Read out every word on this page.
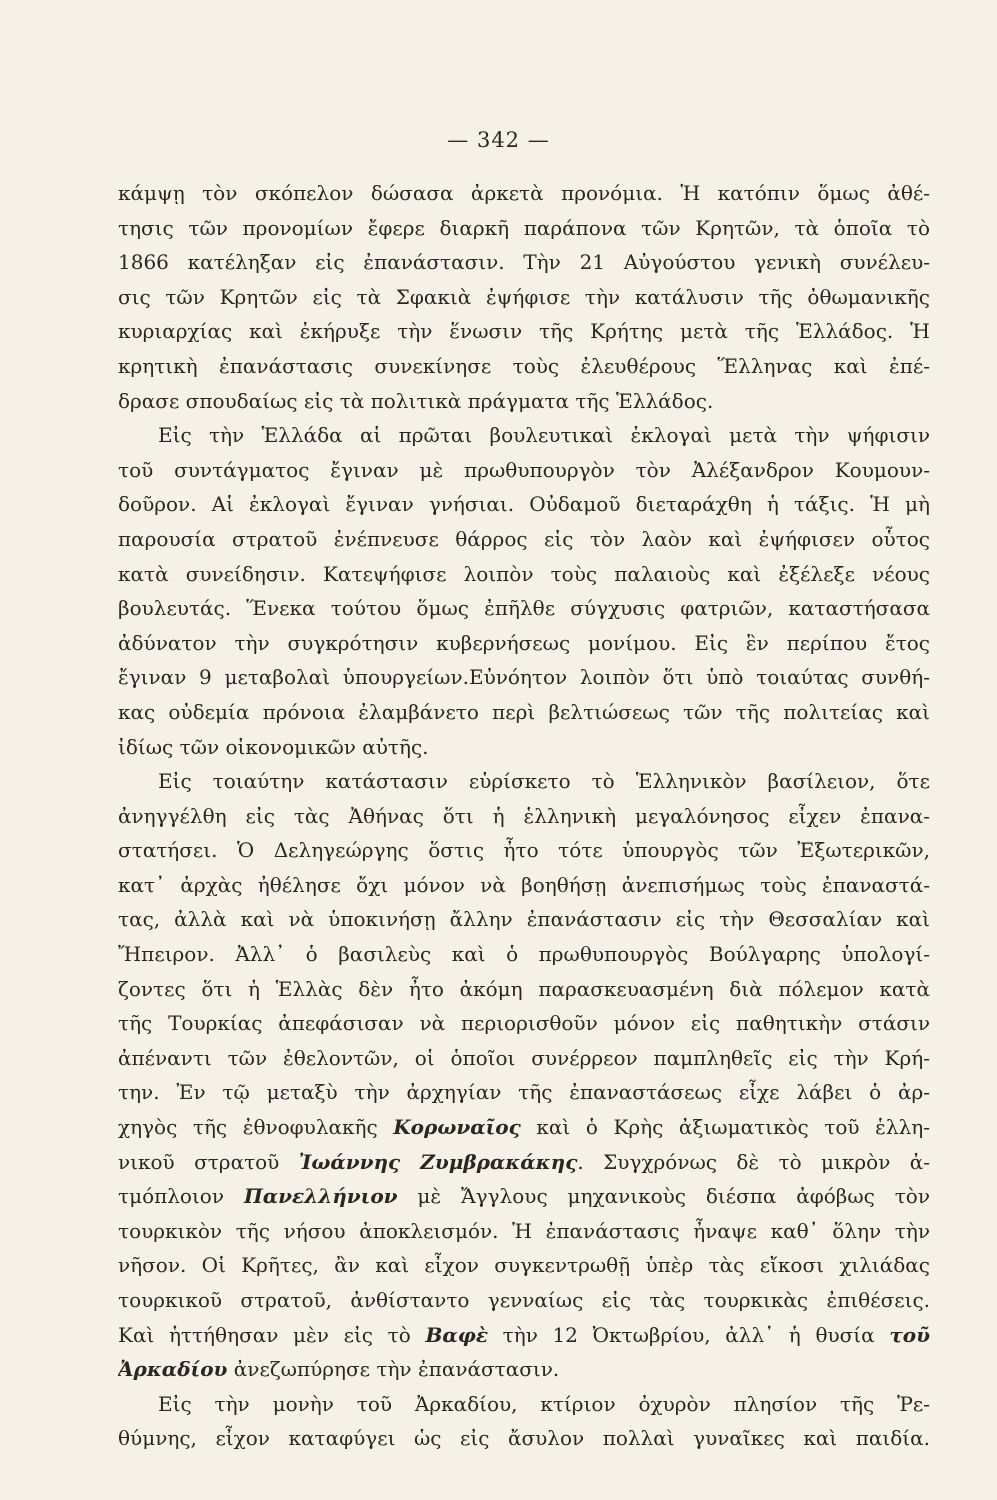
— 342 —
κάμψῃ τὸν σκόπελον δώσασα ἀρκετὰ προνόμια. Ἡ κατόπιν ὅμως ἀθέ-
τησις τῶν προνομίων ἔφερε διαρκῆ παράπονα τῶν Κρητῶν, τὰ ὁποῖα τὸ
1866 κατέληξαν εἰς ἐπανάστασιν. Τὴν 21 Αὐγούστου γενικὴ συνέλευ-
σις τῶν Κρητῶν εἰς τὰ Σφακιὰ ἐψήφισε τὴν κατάλυσιν τῆς ὀθωμανικῆς
κυριαρχίας καὶ ἐκήρυξε τὴν ἕνωσιν τῆς Κρήτης μετὰ τῆς Ἑλλάδος. Ἡ
κρητικὴ ἐπανάστασις συνεκίνησε τοὺς ἐλευθέρους Ἕλληνας καὶ ἐπέ-
δρασε σπουδαίως εἰς τὰ πολιτικὰ πράγματα τῆς Ἑλλάδος.
Εἰς τὴν Ἑλλάδα αἱ πρῶται βουλευτικαὶ ἐκλογαὶ μετὰ τὴν ψήφισιν
τοῦ συντάγματος ἔγιναν μὲ πρωθυπουργὸν τὸν Ἀλέξανδρον Κουμουν-
δοῦρον. Αἱ ἐκλογαὶ ἔγιναν γνήσιαι. Οὐδαμοῦ διεταράχθη ἡ τάξις. Ἡ μὴ
παρουσία στρατοῦ ἐνέπνευσε θάρρος εἰς τὸν λαὸν καὶ ἐψήφισεν οὗτος
κατὰ συνείδησιν. Κατεψήφισε λοιπὸν τοὺς παλαιοὺς καὶ ἐξέλεξε νέους
βουλευτάς. Ἕνεκα τούτου ὅμως ἐπῆλθε σύγχυσις φατριῶν, καταστήσασα
ἀδύνατον τὴν συγκρότησιν κυβερνήσεως μονίμου. Εἰς ἓν περίπου ἔτος
ἔγιναν 9 μεταβολαὶ ὑπουργείων.Εὐνόητον λοιπὸν ὅτι ὑπὸ τοιαύτας συνθή-
κας οὐδεμία πρόνοια ἐλαμβάνετο περὶ βελτιώσεως τῶν τῆς πολιτείας καὶ
ἰδίως τῶν οἰκονομικῶν αὐτῆς.
Εἰς τοιαύτην κατάστασιν εὑρίσκετο τὸ Ἑλληνικὸν βασίλειον, ὅτε
ἀνηγγέλθη εἰς τὰς Ἀθήνας ὅτι ἡ ἑλληνικὴ μεγαλόνησος εἶχεν ἐπανα-
στατήσει. Ὁ Δεληγεώργης ὅστις ἦτο τότε ὑπουργὸς τῶν Ἐξωτερικῶν,
κατ᾽ ἀρχὰς ἠθέλησε ὄχι μόνον νὰ βοηθήσῃ ἀνεπισήμως τοὺς ἐπαναστά-
τας, ἀλλὰ καὶ νὰ ὑποκινήσῃ ἄλλην ἐπανάστασιν εἰς τὴν Θεσσαλίαν καὶ
Ἤπειρον. Ἀλλ᾽ ὁ βασιλεὺς καὶ ὁ πρωθυπουργὸς Βούλγαρης ὑπολογί-
ζοντες ὅτι ἡ Ἑλλὰς δὲν ἦτο ἀκόμη παρασκευασμένη διὰ πόλεμον κατὰ
τῆς Τουρκίας ἀπεφάσισαν νὰ περιορισθοῦν μόνον εἰς παθητικὴν στάσιν
ἀπέναντι τῶν ἐθελοντῶν, οἱ ὁποῖοι συνέρρεον παμπληθεῖς εἰς τὴν Κρή-
την. Ἐν τῷ μεταξὺ τὴν ἀρχηγίαν τῆς ἐπαναστάσεως εἶχε λάβει ὁ ἀρ-
χηγὸς τῆς ἐθνοφυλακῆς Κορωναῖος καὶ ὁ Κρὴς ἀξιωματικὸς τοῦ ἑλλη-
νικοῦ στρατοῦ Ἰωάννης Ζυμβρακάκης. Συγχρόνως δὲ τὸ μικρὸν ἀ-
τμόπλοιον Πανελλήνιον μὲ Ἄγγλους μηχανικοὺς διέσπα ἀφόβως τὸν
τουρκικὸν τῆς νήσου ἀποκλεισμόν. Ἡ ἐπανάστασις ἦναψε καθ᾽ ὅλην τὴν
νῆσον. Οἱ Κρῆτες, ἂν καὶ εἶχον συγκεντρωθῇ ὑπὲρ τὰς εἴκοσι χιλιάδας
τουρκικοῦ στρατοῦ, ἀνθίσταντο γενναίως εἰς τὰς τουρκικὰς ἐπιθέσεις.
Καὶ ἡττήθησαν μὲν εἰς τὸ Βαφὲ τὴν 12 Ὀκτωβρίου, ἀλλ᾽ ἡ θυσία τοῦ
Ἀρκαδίου ἀνεζωπύρησε τὴν ἐπανάστασιν.
Εἰς τὴν μονὴν τοῦ Ἀρκαδίου, κτίριον ὀχυρὸν πλησίον τῆς Ῥε-
θύμνης, εἶχον καταφύγει ὡς εἰς ἄσυλον πολλαὶ γυναῖκες καὶ παιδία.
